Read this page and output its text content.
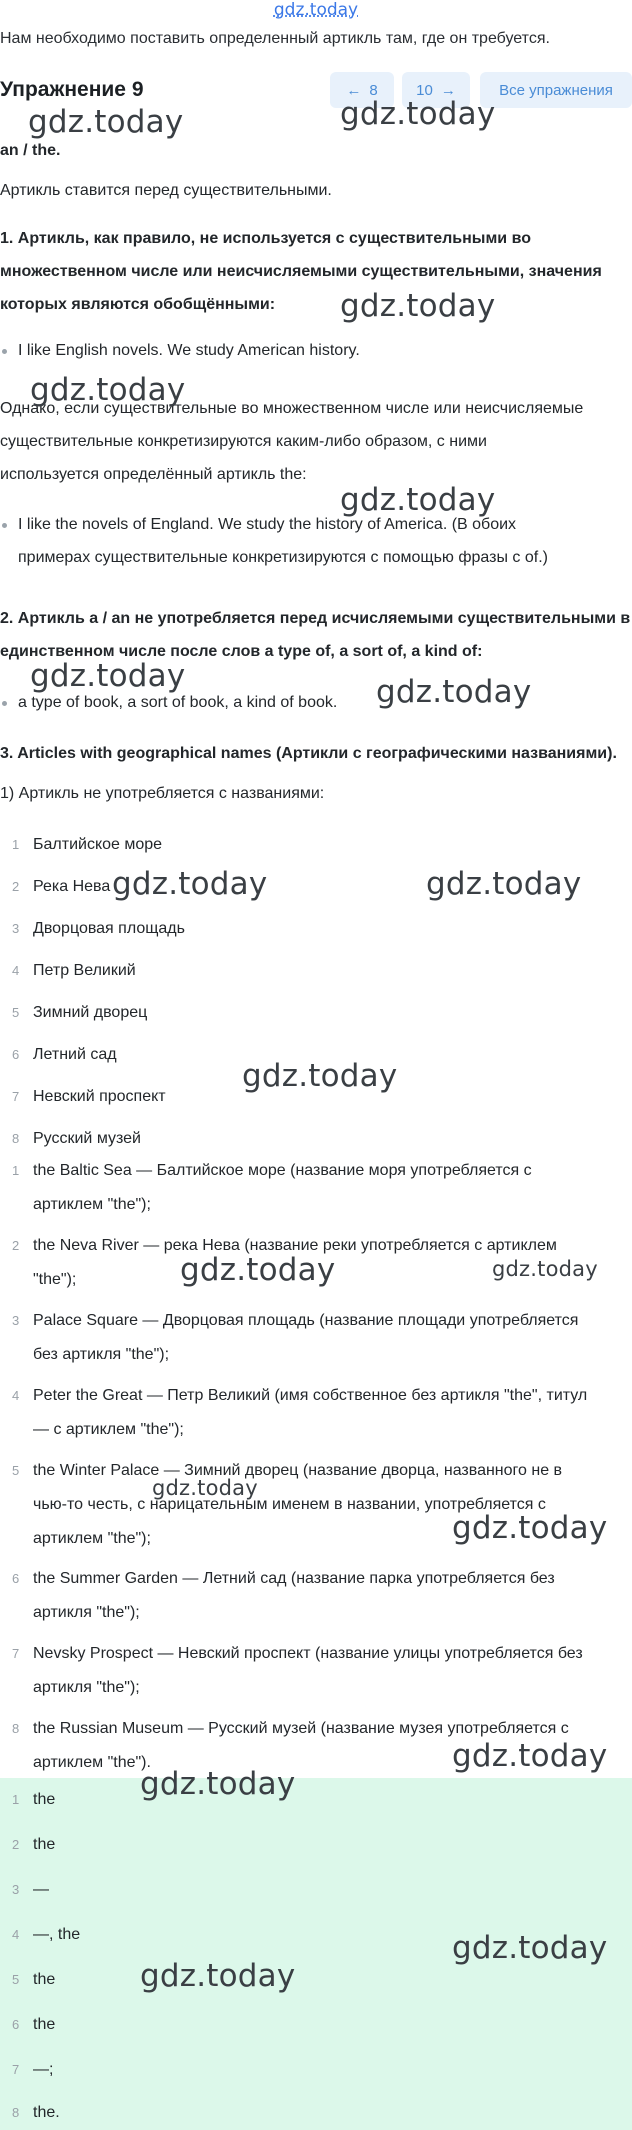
gdz.today
Нам необходимо поставить определенный артикль там, где он требуется.
Упражнение 9	← 8	10 →	Все упражнения
an / the.
Артикль ставится перед существительными.
1. Артикль, как правило, не используется с существительными во
множественном числе или неисчисляемыми существительными, значения
которых являются обобщёнными:
I like English novels. We study American history.
Однако, если существительные во множественном числе или неисчисляемые
существительные конкретизируются каким-либо образом, с ними
используется определённый артикль the:
I like the novels of England. We study the history of America. (В обоих
примерах существительные конкретизируются с помощью фразы с of.)
2. Артикль a / an не употребляется перед исчисляемыми существительными в
единственном числе после слов a type of, a sort of, a kind of:
a type of book, a sort of book, a kind of book.
3. Articles with geographical names (Артикли с географическими названиями).
1) Артикль не употребляется с названиями:
1 Балтийское море
2 Река Нева
3 Дворцовая площадь
4 Петр Великий
5 Зимний дворец
6 Летний сад
7 Невский проспект
8 Русский музей
1 the Baltic Sea — Балтийское море (название моря употребляется с
артиклем "the");
2 the Neva River — река Нева (название реки употребляется с артиклем
"the");
3 Palace Square — Дворцовая площадь (название площади употребляется
без артикля "the");
4 Peter the Great — Петр Великий (имя собственное без артикля "the", титул
— с артиклем "the");
5 the Winter Palace — Зимний дворец (название дворца, названного не в
чью-то честь, с нарицательным именем в названии, употребляется с
артиклем "the");
6 the Summer Garden — Летний сад (название парка употребляется без
артикля "the");
7 Nevsky Prospect — Невский проспект (название улицы употребляется без
артикля "the");
8 the Russian Museum — Русский музей (название музея употребляется с
артиклем "the").
1 the
2 the
3 —
4 —, the
5 the
6 the
7 —;
8 the.
gdz.today	gdz.today
gdz.today
gdz.today
gdz.today
gdz.today	gdz.today
gdz.today	gdz.today
gdz.today
gdz.today	gdz.today
gdz.today
gdz.today
gdz.today
gdz.today
gdz.today
gdz.today
